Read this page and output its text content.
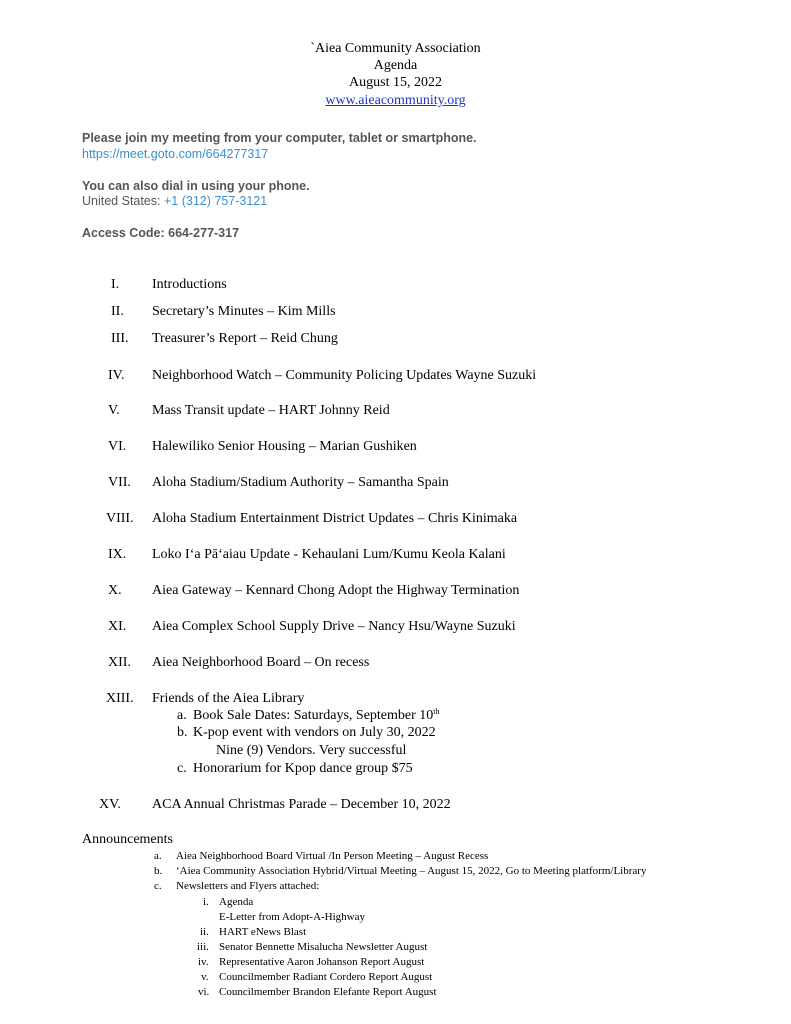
`Aiea Community Association
Agenda
August 15, 2022
www.aieacommunity.org
Please join my meeting from your computer, tablet or smartphone.
https://meet.goto.com/664277317
You can also dial in using your phone.
United States: +1 (312) 757-3121
Access Code: 664-277-317
I. Introductions
II. Secretary’s Minutes – Kim Mills
III. Treasurer’s Report – Reid Chung
IV. Neighborhood Watch – Community Policing Updates Wayne Suzuki
V. Mass Transit update – HART Johnny Reid
VI. Halewiliko Senior Housing – Marian Gushiken
VII. Aloha Stadium/Stadium Authority – Samantha Spain
VIII. Aloha Stadium Entertainment District Updates – Chris Kinimaka
IX. Loko Iʻa Pāʻaiau Update - Kehaulani Lum/Kumu Keola Kalani
X. Aiea Gateway – Kennard Chong Adopt the Highway Termination
XI. Aiea Complex School Supply Drive – Nancy Hsu/Wayne Suzuki
XII. Aiea Neighborhood Board – On recess
XIII. Friends of the Aiea Library
a. Book Sale Dates: Saturdays, September 10th
b. K-pop event with vendors on July 30, 2022
Nine (9) Vendors. Very successful
c. Honorarium for Kpop dance group $75
XV. ACA Annual Christmas Parade – December 10, 2022
Announcements
a. Aiea Neighborhood Board Virtual /In Person Meeting – August Recess
b. ‘Aiea Community Association Hybrid/Virtual Meeting – August 15, 2022, Go to Meeting platform/Library
c. Newsletters and Flyers attached:
i. Agenda
E-Letter from Adopt-A-Highway
ii. HART eNews Blast
iii. Senator Bennette Misalucha Newsletter August
iv. Representative Aaron Johanson Report August
v. Councilmember Radiant Cordero Report August
vi. Councilmember Brandon Elefante Report August
